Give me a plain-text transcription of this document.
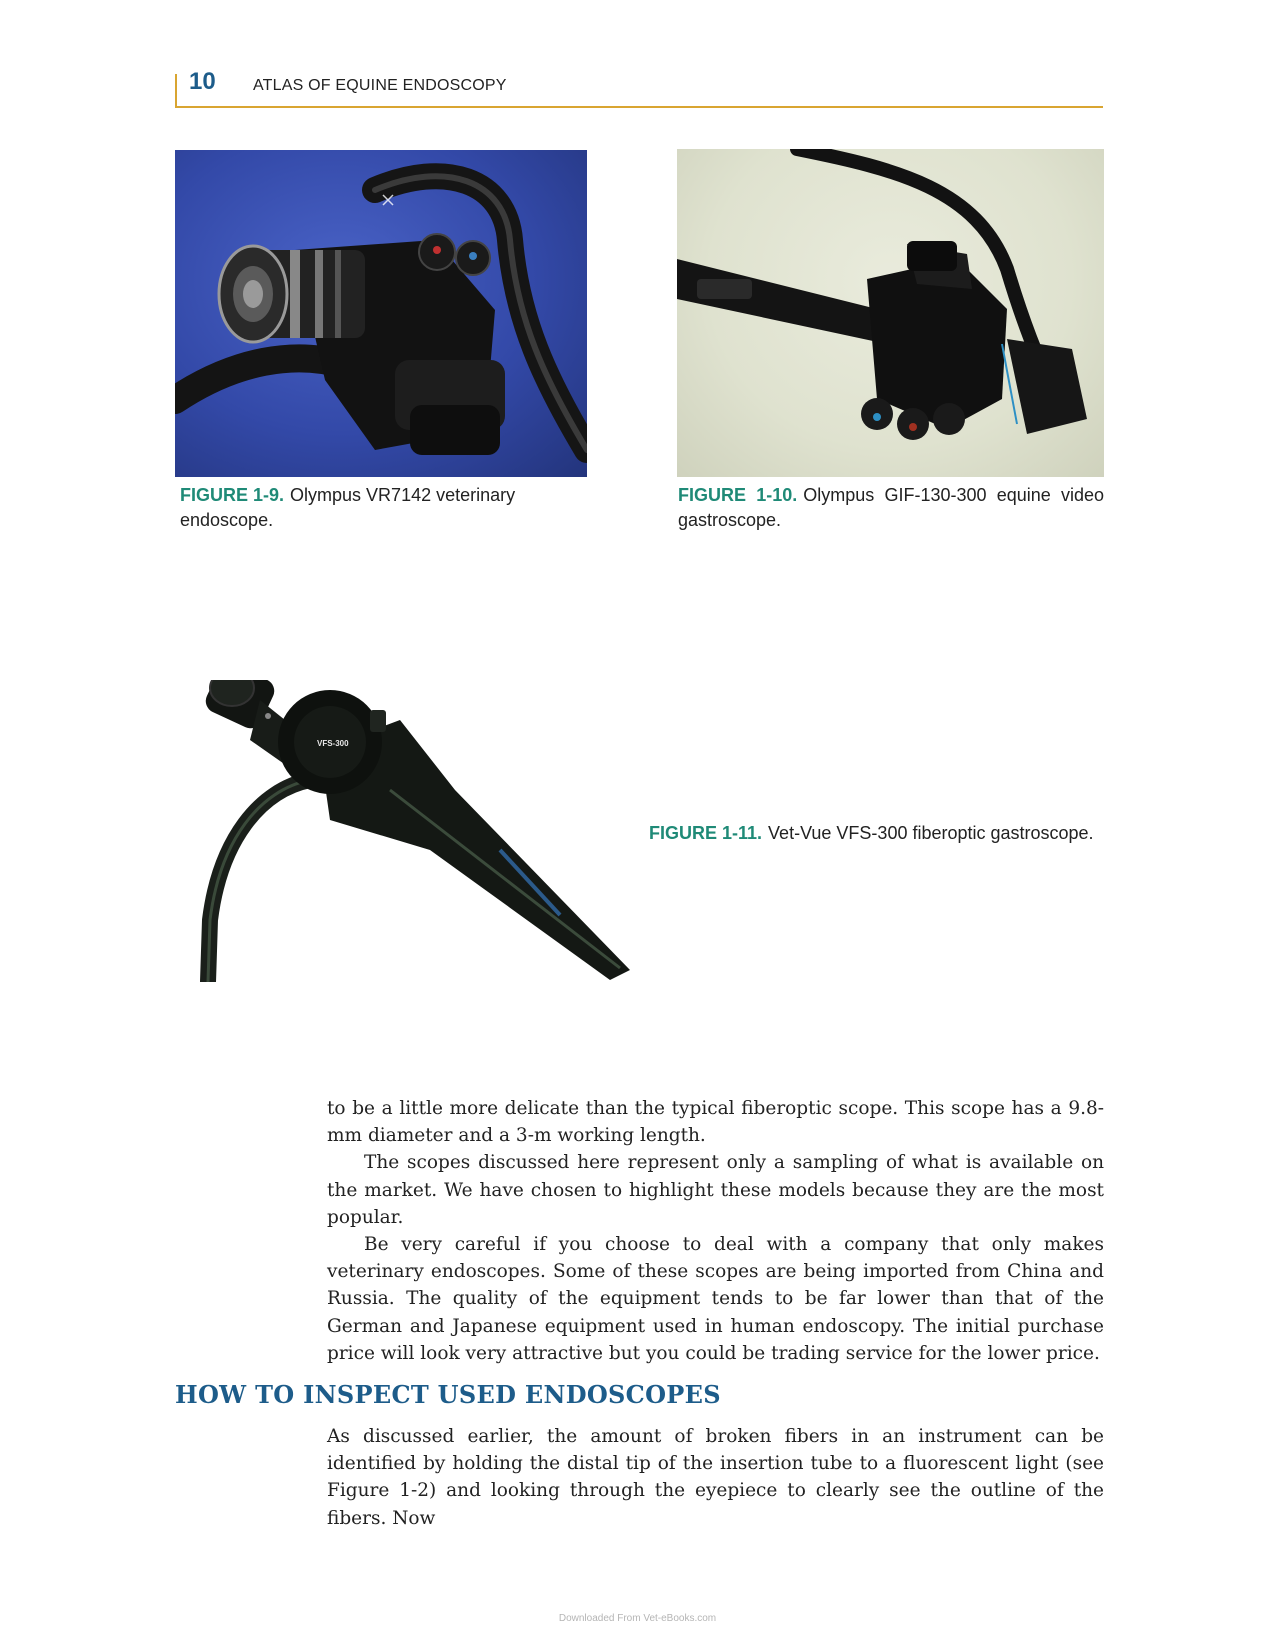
10 ATLAS OF EQUINE ENDOSCOPY
VFS-300
FIGURE 1-9. Olympus VR7142 veterinary endoscope.
FIGURE 1-10. Olympus GIF-130-300 equine video gastroscope.
FIGURE 1-11. Vet-Vue VFS-300 fiberoptic gastroscope.

to be a little more delicate than the typical fiberoptic scope. This scope has a 9.8-mm diameter and a 3-m working length.

The scopes discussed here represent only a sampling of what is available on the market. We have chosen to highlight these models because they are the most popular.

Be very careful if you choose to deal with a company that only makes veterinary endoscopes. Some of these scopes are being imported from China and Russia. The quality of the equipment tends to be far lower than that of the German and Japanese equipment used in human endoscopy. The initial purchase price will look very attractive but you could be trading service for the lower price.

HOW TO INSPECT USED ENDOSCOPES

As discussed earlier, the amount of broken fibers in an instrument can be identified by holding the distal tip of the insertion tube to a fluorescent light (see Figure 1-2) and looking through the eyepiece to clearly see the outline of the fibers. Now

Downloaded From Vet-eBooks.com
